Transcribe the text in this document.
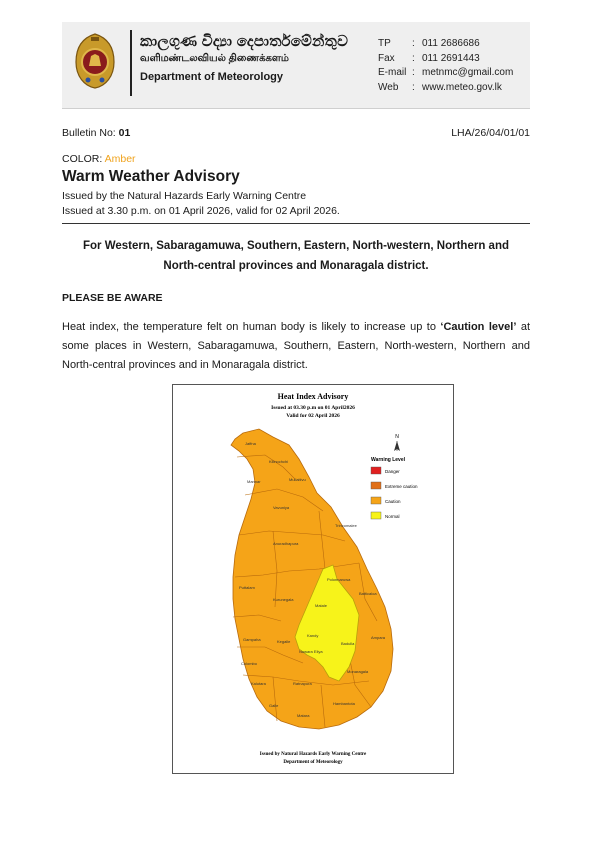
කාලගුණ විද්‍යා දෙපාර්තමේන්තුව
வளிமண்டலவியல் திணைக்களம்
Department of Meteorology
TP	: 011 2686686
Fax	: 011 2691443
E-mail : metnmc@gmail.com
Web	: www.meteo.gov.lk
Bulletin No: 01	LHA/26/04/01/01
COLOR: Amber
Warm Weather Advisory
Issued by the Natural Hazards Early Warning Centre
Issued at 3.30 p.m. on 01 April 2026, valid for 02 April 2026.
For Western, Sabaragamuwa, Southern, Eastern, North-western, Northern and
North-central provinces and Monaragala district.
PLEASE BE AWARE
Heat index, the temperature felt on human body is likely to increase up to ‘Caution level’ at some places in Western, Sabaragamuwa, Southern, Eastern, North-western, Northern and North-central provinces and in Monaragala district.
Heat Index Advisory
Issued at 03.30 p.m on 01 April2026
Valid for 02 April 2026
Jaffna
Kilinochchi
Mannar	Mullaitivu
Vavuniya
Trincomalee
Anuradhapura
Polonnaruwa
Puttalam
Batticaloa
Kurunegala
Matale
Ampara
Kandy
Gampaha	Kegalle	Badulla
Nuwara Eliya
Colombo
Kalutara	Ratnapura
Monaragala
Galle
Matara
Hambantota
N
Warning Level
Danger
Extreme caution
Caution
Normal
Issued by Natural Hazards Early Warning Centre
Department of Meteorology
